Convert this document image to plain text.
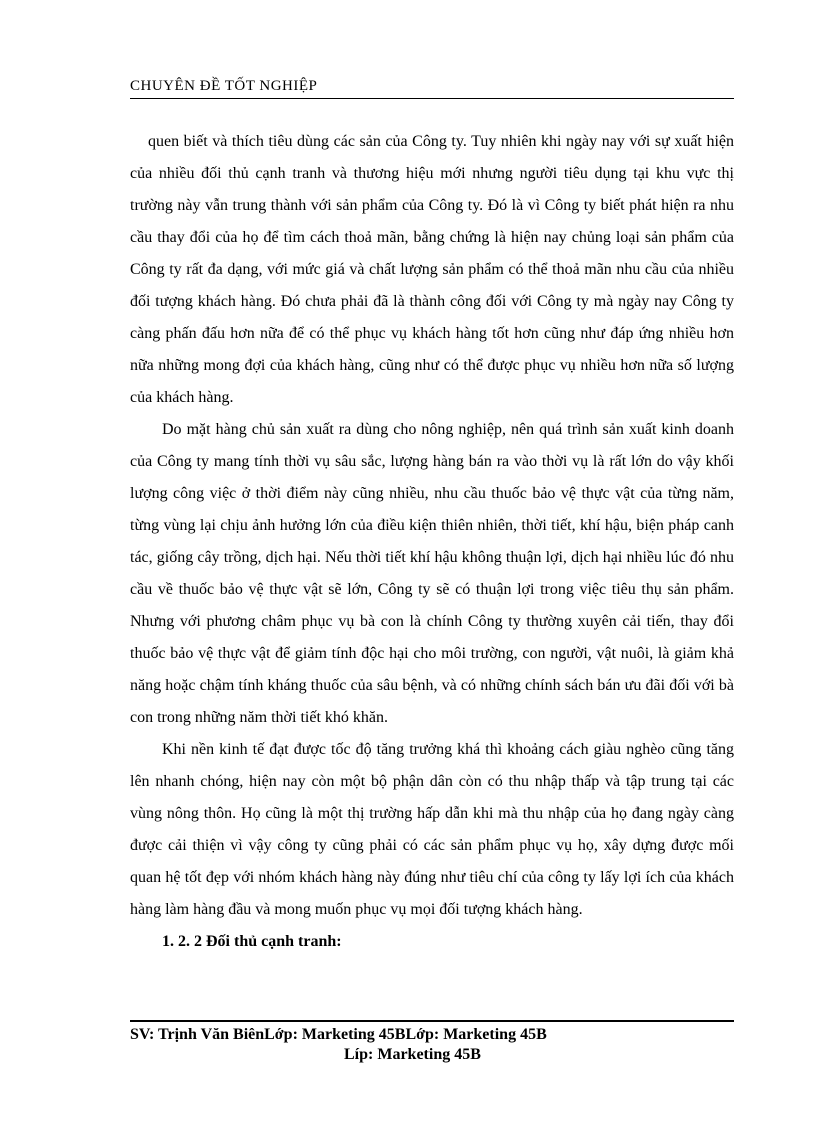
CHUYÊN ĐỀ TỐT NGHIỆP

quen biết và thích tiêu dùng các sản của Công ty. Tuy nhiên khi ngày nay với sự xuất hiện của nhiều đối thủ cạnh tranh và thương hiệu mới nhưng người tiêu dụng tại khu vực thị trường này vẫn trung thành với sản phẩm của Công ty. Đó là vì Công ty biết phát hiện ra nhu cầu thay đổi của họ để tìm cách thoả mãn, bằng chứng là hiện nay chủng loại sản phẩm của Công ty rất đa dạng, với mức giá và chất lượng sản phẩm có thể thoả mãn nhu cầu của nhiều đối tượng khách hàng. Đó chưa phải đã là thành công đối với Công ty mà ngày nay Công ty càng phấn đấu hơn nữa để có thể phục vụ khách hàng tốt hơn cũng như đáp ứng nhiều hơn nữa những mong đợi của khách hàng, cũng như có thể được phục vụ nhiều hơn nữa số lượng của khách hàng.

Do mặt hàng chủ sản xuất ra dùng cho nông nghiệp, nên quá trình sản xuất kinh doanh của Công ty mang tính thời vụ sâu sắc, lượng hàng bán ra vào thời vụ là rất lớn do vậy khối lượng công việc ở thời điểm này cũng nhiều, nhu cầu thuốc bảo vệ thực vật của từng năm, từng vùng lại chịu ảnh hưởng lớn của điều kiện thiên nhiên, thời tiết, khí hậu, biện pháp canh tác, giống cây trồng, dịch hại. Nếu thời tiết khí hậu không thuận lợi, dịch hại nhiều lúc đó nhu cầu về thuốc bảo vệ thực vật sẽ lớn, Công ty sẽ có thuận lợi trong việc tiêu thụ sản phẩm. Nhưng với phương châm phục vụ bà con là chính Công ty thường xuyên cải tiến, thay đổi thuốc bảo vệ thực vật để giảm tính độc hại cho môi trường, con người, vật nuôi, là giảm khả năng hoặc chậm tính kháng thuốc của sâu bệnh, và có những chính sách bán ưu đãi đối với bà con trong những năm thời tiết khó khăn.

Khi nền kinh tế đạt được tốc độ tăng trưởng khá thì khoảng cách giàu nghèo cũng tăng lên nhanh chóng, hiện nay còn một bộ phận dân còn có thu nhập thấp và tập trung tại các vùng nông thôn. Họ cũng là một thị trường hấp dẫn khi mà thu nhập của họ đang ngày càng được cải thiện vì vậy công ty cũng phải có các sản phẩm phục vụ họ, xây dựng được mối quan hệ tốt đẹp với nhóm khách hàng này đúng như tiêu chí của công ty lấy lợi ích của khách hàng làm hàng đầu và mong muốn phục vụ mọi đối tượng khách hàng.

1. 2. 2 Đối thủ cạnh tranh:

SV: Trịnh Văn BiênLớp: Marketing 45BLớp: Marketing 45B
Líp: Marketing 45B
